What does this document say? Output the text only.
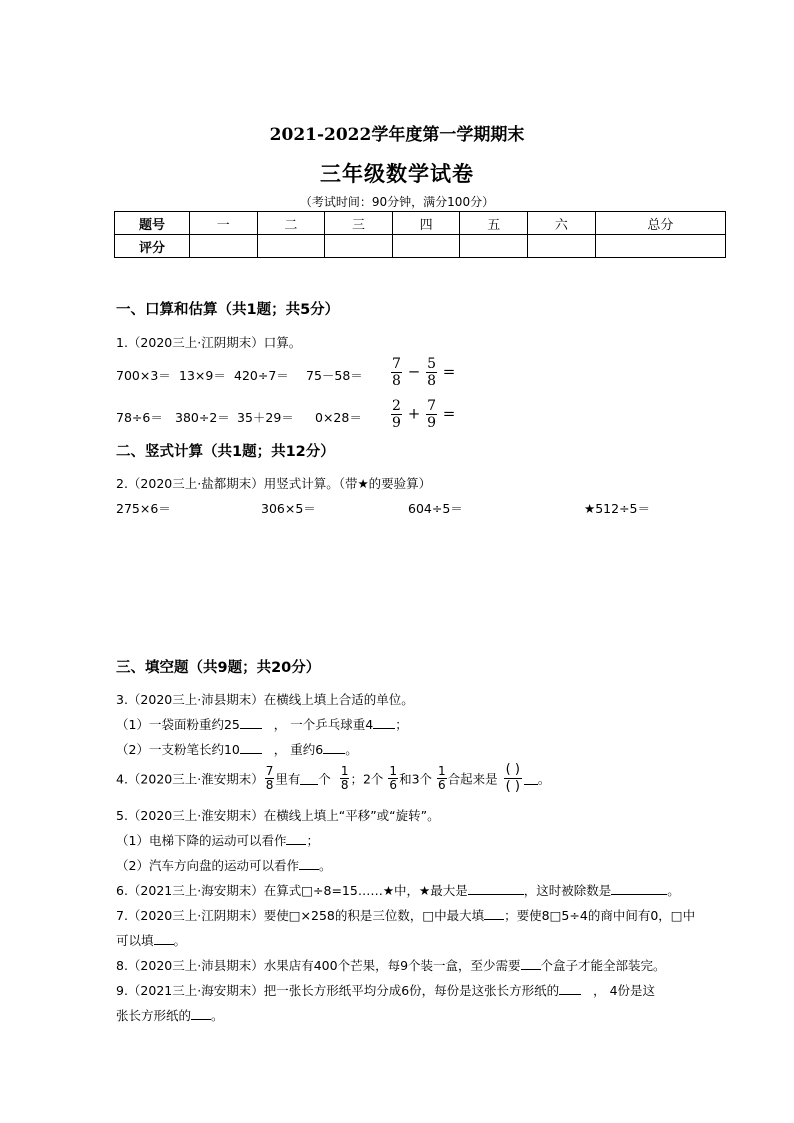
2021-2022学年度第一学期期末
三年级数学试卷
（考试时间：90分钟，满分100分）
题号	一	二	三	四	五	六	总分
评分							
一、口算和估算（共1题；共5分）
1.（2020三上·江阴期末）口算。
$700\times 3= 13\times 9= 420\div 7= 75-58= \frac{7}{8} - \frac{5}{8}$ =
$78\div 6= 380\div 2= 35+29= 0\times 28= \frac{2}{9} + \frac{7}{9}$ =
二、竖式计算（共1题；共12分）
2.（2020三上·盐都期末）用竖式计算。（带★的要验算）
275×6＝	306×5＝	604÷5＝	★512÷5＝
三、填空题（共9题；共20分）
3.（2020三上·沛县期末）在横线上填上合适的单位。
（1）一袋面粉重约25	， 一个乒乓球重4 ；
（2）一支粉笔长约10	， 重约6 。
4.（2020三上·淮安期末） $\frac{7}{8}$ 里有 个 $\frac{1}{8}$ ；2个 $\frac{1}{6}$ 和3个 $\frac{1}{6}$ 合起来是
( )
( ) 。
5.（2020三上·淮安期末）在横线上填上“平移”或“旋转”。
（1）电梯下降的运动可以看作 ；
（2）汽车方向盘的运动可以看作 。
6.（2021三上·海安期末）在算式□÷8=15……★中，★最大是	，这时被除数是	。
7.（2020三上·江阴期末）要使□×258的积是三位数，□中最大填 ；要使8□5÷4的商中间有0，□中
可以填 。
8.（2020三上·沛县期末）水果店有400个芒果，每9个装一盒，至少需要 个盒子才能全部装完。
9.（2021三上·海安期末）把一张长方形纸平均分成6份，每份是这张长方形纸的	， 4份是这
张长方形纸的 。
